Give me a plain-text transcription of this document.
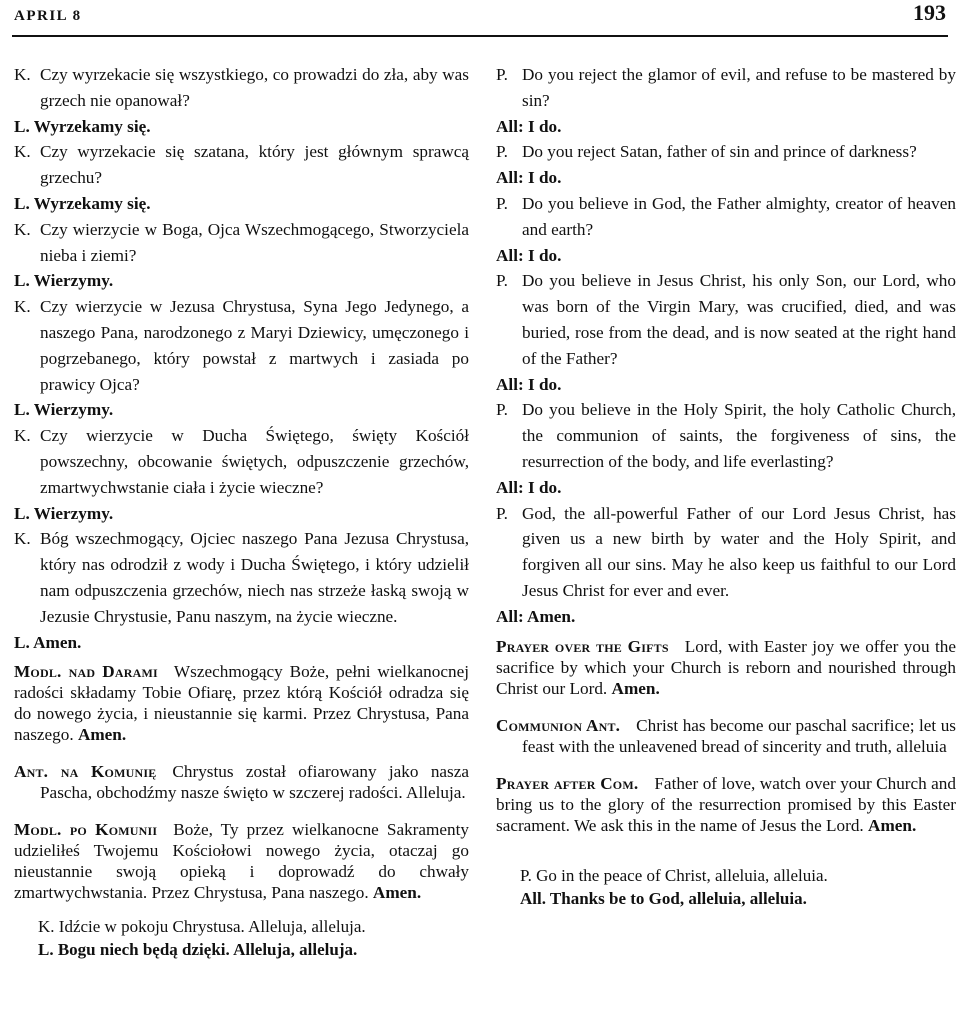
APRIL 8	193
K. Czy wyrzekacie się wszystkiego, co prowadzi do zła, aby was grzech nie opanował?
L. Wyrzekamy się.
K. Czy wyrzekacie się szatana, który jest głównym sprawcą grzechu?
L. Wyrzekamy się.
K. Czy wierzycie w Boga, Ojca Wszechmogącego, Stworzyciela nieba i ziemi?
L. Wierzymy.
K. Czy wierzycie w Jezusa Chrystusa, Syna Jego Jedynego, a naszego Pana, narodzonego z Maryi Dziewicy, umęczonego i pogrzebanego, który powstał z martwych i zasiada po prawicy Ojca?
L. Wierzymy.
K. Czy wierzycie w Ducha Świętego, święty Kościół powszechny, obcowanie świętych, odpuszczenie grzechów, zmartwychwstanie ciała i życie wieczne?
L. Wierzymy.
K. Bóg wszechmogący, Ojciec naszego Pana Jezusa Chrystusa, który nas odrodził z wody i Ducha Świętego, i który udzielił nam odpuszczenia grzechów, niech nas strzeże łaską swoją w Jezusie Chrystusie, Panu naszym, na życie wieczne.
L. Amen.
Modl. nad Darami Wszechmogący Boże, pełni wielkanocnej radości składamy Tobie Ofiarę, przez którą Kościół odradza się do nowego życia, i nieustannie się karmi. Przez Chrystusa, Pana naszego. Amen.
Ant. na Komunię Chrystus został ofiarowany jako nasza Pascha, obchodźmy nasze święto w szczerej radości. Alleluja.
Modl. po Komunii Boże, Ty przez wielkanocne Sakramenty udzieliłeś Twojemu Kościołowi nowego życia, otaczaj go nieustannie swoją opieką i doprowadź do chwały zmartwychwstania. Przez Chrystusa, Pana naszego. Amen.
K. Idźcie w pokoju Chrystusa. Alleluja, alleluja.
L. Bogu niech będą dzięki. Alleluja, alleluja.
P. Do you reject the glamor of evil, and refuse to be mastered by sin?
All: I do.
P. Do you reject Satan, father of sin and prince of darkness?
All: I do.
P. Do you believe in God, the Father almighty, creator of heaven and earth?
All: I do.
P. Do you believe in Jesus Christ, his only Son, our Lord, who was born of the Virgin Mary, was crucified, died, and was buried, rose from the dead, and is now seated at the right hand of the Father?
All: I do.
P. Do you believe in the Holy Spirit, the holy Catholic Church, the communion of saints, the forgiveness of sins, the resurrection of the body, and life everlasting?
All: I do.
P. God, the all-powerful Father of our Lord Jesus Christ, has given us a new birth by water and the Holy Spirit, and forgiven all our sins. May he also keep us faithful to our Lord Jesus Christ for ever and ever.
All: Amen.
Prayer over the Gifts Lord, with Easter joy we offer you the sacrifice by which your Church is reborn and nourished through Christ our Lord. Amen.
Communion Ant. Christ has become our paschal sacrifice; let us feast with the unleavened bread of sincerity and truth, alleluia
Prayer after Com. Father of love, watch over your Church and bring us to the glory of the resurrection promised by this Easter sacrament. We ask this in the name of Jesus the Lord. Amen.
P. Go in the peace of Christ, alleluia, alleluia.
All. Thanks be to God, alleluia, alleluia.
